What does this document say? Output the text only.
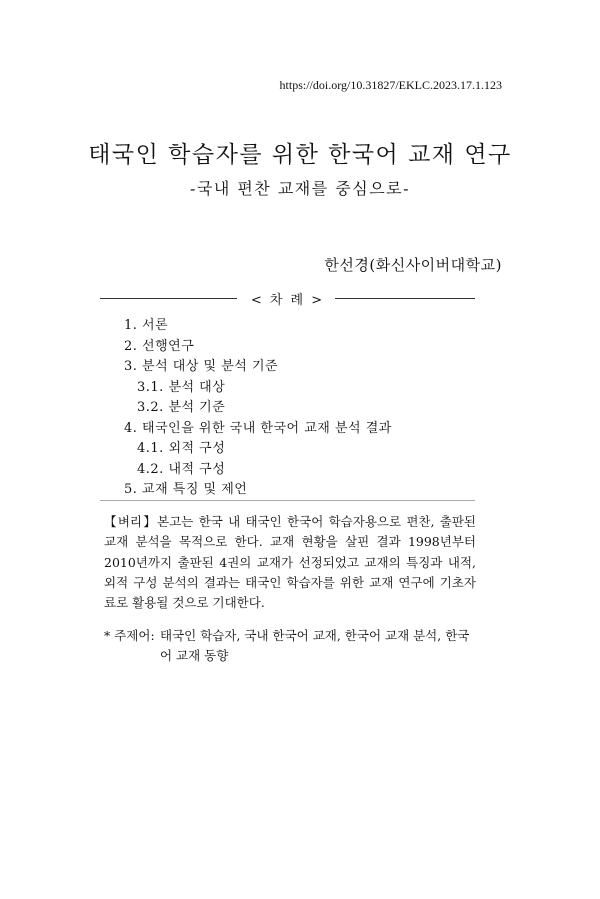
https://doi.org/10.31827/EKLC.2023.17.1.123
태국인 학습자를 위한 한국어 교재 연구
-국내 편찬 교재를 중심으로-
한선경(화신사이버대학교)
< 차 례 >
1. 서론
2. 선행연구
3. 분석 대상 및 분석 기준
3.1. 분석 대상
3.2. 분석 기준
4. 태국인을 위한 국내 한국어 교재 분석 결과
4.1. 외적 구성
4.2. 내적 구성
5. 교재 특징 및 제언
【벼리】본고는 한국 내 태국인 한국어 학습자용으로 편찬, 출판된 교재 분석을 목적으로 한다. 교재 현황을 살핀 결과 1998년부터 2010년까지 출판된 4권의 교재가 선정되었고 교재의 특징과 내적, 외적 구성 분석의 결과는 태국인 학습자를 위한 교재 연구에 기초자료로 활용될 것으로 기대한다.
* 주제어: 태국인 학습자, 국내 한국어 교재, 한국어 교재 분석, 한국어 교재 동향
